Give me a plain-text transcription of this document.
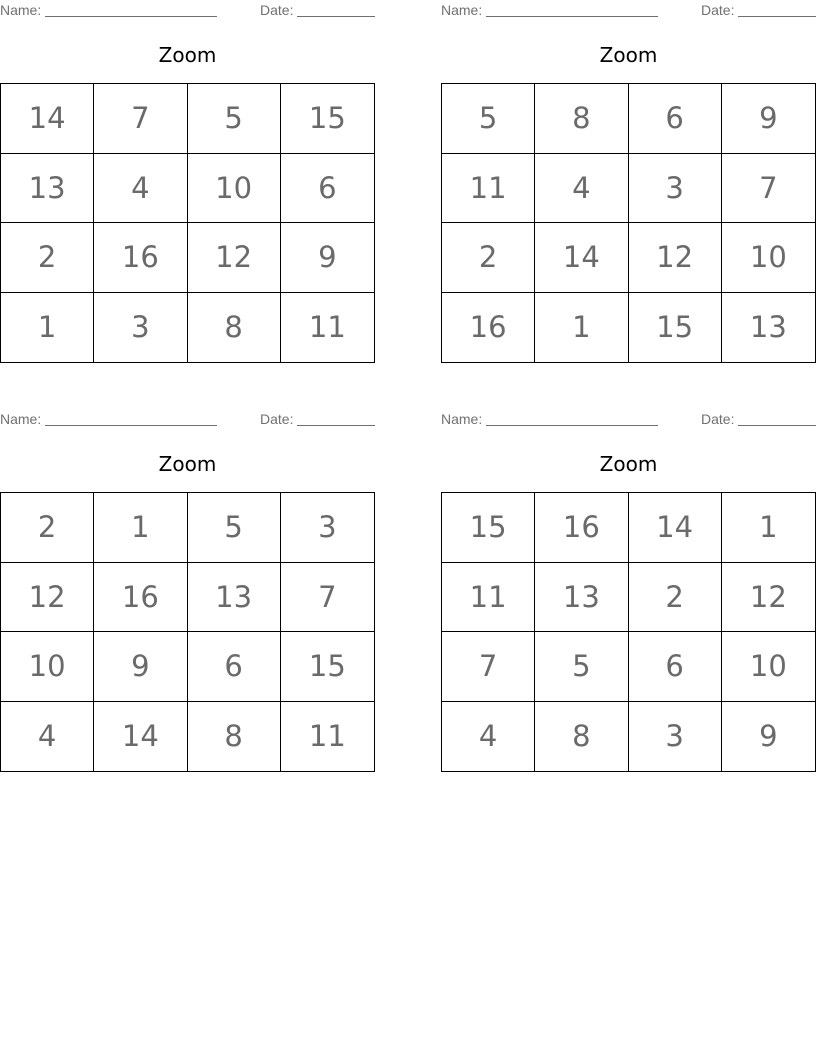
Name:	Date:
Zoom
14	7	5	15
13	4	10	6
2	16	12	9
1	3	8	11
Name:	Date:
Zoom
5	8	6	9
11	4	3	7
2	14	12	10
16	1	15	13
Name:	Date:
Zoom
2	1	5	3
12	16	13	7
10	9	6	15
4	14	8	11
Name:	Date:
Zoom
15	16	14	1
11	13	2	12
7	5	6	10
4	8	3	9
